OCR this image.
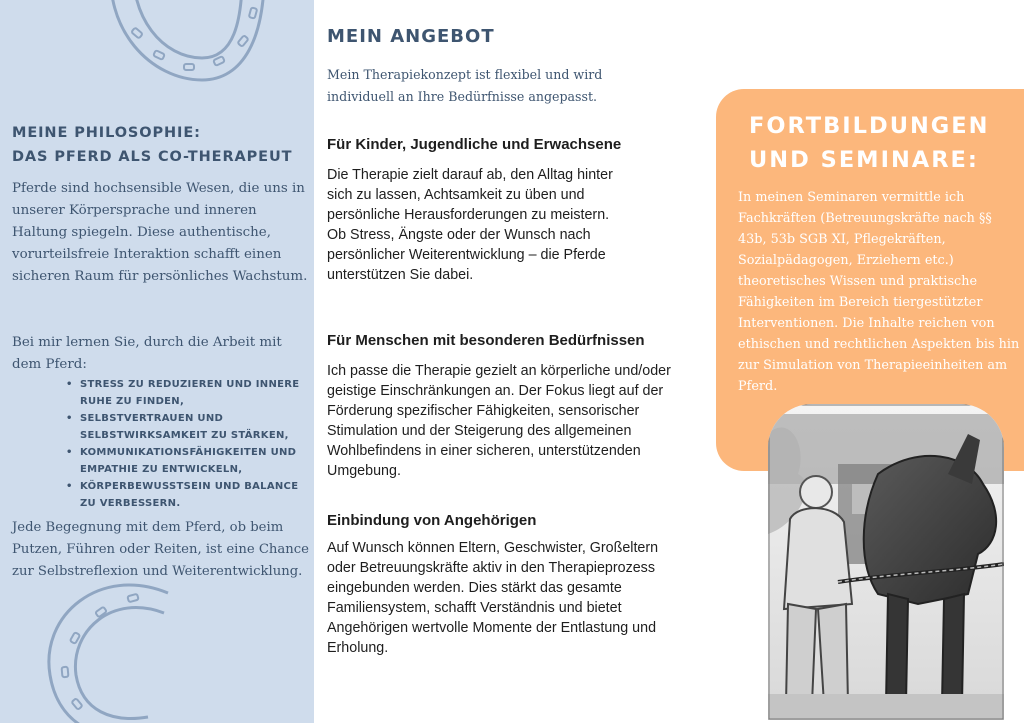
MEINE PHILOSOPHIE:
DAS PFERD ALS CO-THERAPEUT

Pferde sind hochsensible Wesen, die uns in unserer Körpersprache und inneren Haltung spiegeln. Diese authentische, vorurteilsfreie Interaktion schafft einen sicheren Raum für persönliches Wachstum.

Bei mir lernen Sie, durch die Arbeit mit dem Pferd:

• STRESS ZU REDUZIEREN UND INNERE RUHE ZU FINDEN,
• SELBSTVERTRAUEN UND SELBSTWIRKSAMKEIT ZU STÄRKEN,
• KOMMUNIKATIONSFÄHIGKEITEN UND EMPATHIE ZU ENTWICKELN,
• KÖRPERBEWUSSTSEIN UND BALANCE ZU VERBESSERN.

Jede Begegnung mit dem Pferd, ob beim Putzen, Führen oder Reiten, ist eine Chance zur Selbstreflexion und Weiterentwicklung.

MEIN ANGEBOT

Mein Therapiekonzept ist flexibel und wird individuell an Ihre Bedürfnisse angepasst.

Für Kinder, Jugendliche und Erwachsene

Die Therapie zielt darauf ab, den Alltag hinter sich zu lassen, Achtsamkeit zu üben und persönliche Herausforderungen zu meistern. Ob Stress, Ängste oder der Wunsch nach persönlicher Weiterentwicklung – die Pferde unterstützen Sie dabei.

Für Menschen mit besonderen Bedürfnissen

Ich passe die Therapie gezielt an körperliche und/oder geistige Einschränkungen an. Der Fokus liegt auf der Förderung spezifischer Fähigkeiten, sensorischer Stimulation und der Steigerung des allgemeinen Wohlbefindens in einer sicheren, unterstützenden Umgebung.

Einbindung von Angehörigen

Auf Wunsch können Eltern, Geschwister, Großeltern oder Betreuungskräfte aktiv in den Therapieprozess eingebunden werden. Dies stärkt das gesamte Familiensystem, schafft Verständnis und bietet Angehörigen wertvolle Momente der Entlastung und Erholung.

FORTBILDUNGEN
UND SEMINARE:

In meinen Seminaren vermittle ich Fachkräften (Betreuungskräfte nach §§ 43b, 53b SGB XI, Pflegekräften, Sozialpädagogen, Erziehern etc.) theoretisches Wissen und praktische Fähigkeiten im Bereich tiergestützter Interventionen. Die Inhalte reichen von ethischen und rechtlichen Aspekten bis hin zur Simulation von Therapieeinheiten am Pferd.
